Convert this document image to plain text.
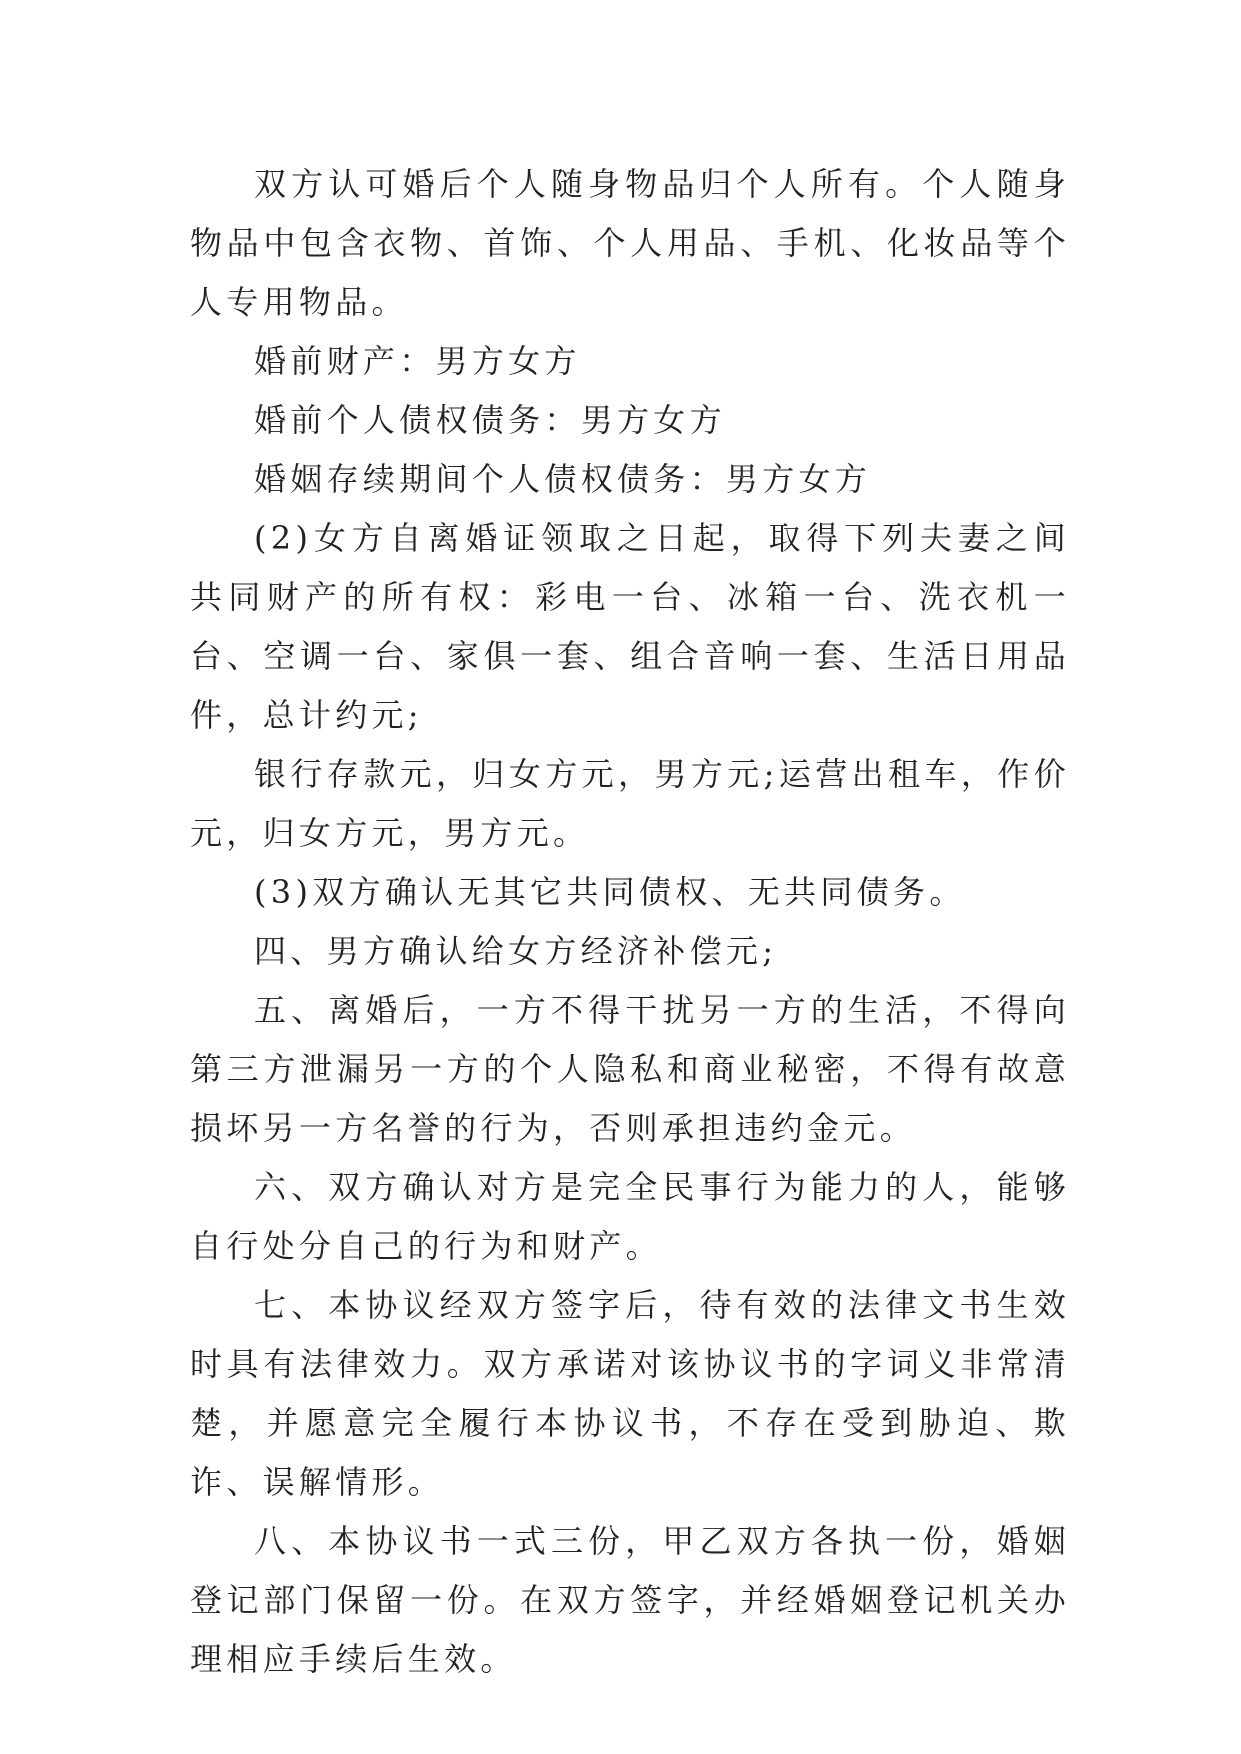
双方认可婚后个人随身物品归个人所有。个人随身物品中包含衣物、首饰、个人用品、手机、化妆品等个人专用物品。

婚前财产：男方女方

婚前个人债权债务：男方女方

婚姻存续期间个人债权债务：男方女方

(2)女方自离婚证领取之日起，取得下列夫妻之间共同财产的所有权：彩电一台、冰箱一台、洗衣机一台、空调一台、家俱一套、组合音响一套、生活日用品件，总计约元;

银行存款元，归女方元，男方元;运营出租车，作价元，归女方元，男方元。

(3)双方确认无其它共同债权、无共同债务。

四、男方确认给女方经济补偿元;

五、离婚后，一方不得干扰另一方的生活，不得向第三方泄漏另一方的个人隐私和商业秘密，不得有故意损坏另一方名誉的行为，否则承担违约金元。

六、双方确认对方是完全民事行为能力的人，能够自行处分自己的行为和财产。

七、本协议经双方签字后，待有效的法律文书生效时具有法律效力。双方承诺对该协议书的字词义非常清楚，并愿意完全履行本协议书，不存在受到胁迫、欺诈、误解情形。

八、本协议书一式三份，甲乙双方各执一份，婚姻登记部门保留一份。在双方签字，并经婚姻登记机关办理相应手续后生效。
